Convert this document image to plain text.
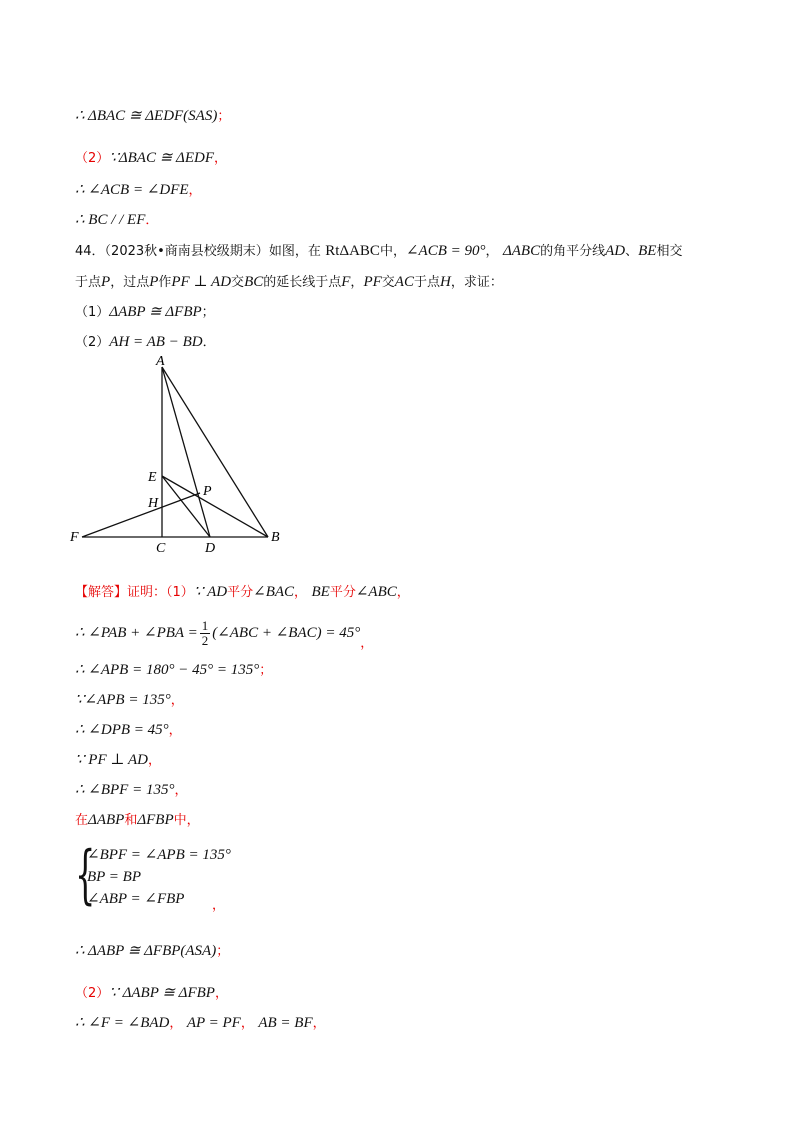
∴ ΔBAC ≅ ΔEDF(SAS)；
（2）∵ΔBAC ≅ ΔEDF，
∴ ∠ACB = ∠DFE，
∴ BC / / EF．
44．（2023秋•商南县校级期末）如图，在 RtΔABC中，∠ACB = 90°， ΔABC的角平分线AD、BE相交
于点P，过点P作PF ⊥ AD交BC的延长线于点F，PF交AC于点H，求证：
（1）ΔABP ≅ ΔFBP；
（2）AH = AB − BD．
A
E
H
P
F
C	D
B
【解答】证明：（1）∵ AD平分∠BAC， BE平分∠ABC，
∴ ∠PAB + ∠PBA = $\frac{1}{2}$ (∠ABC + ∠BAC) = 45°，
∴ ∠APB = 180° − 45° = 135°；
∵∠APB = 135°，
∴ ∠DPB = 45°，
∵ PF ⊥ AD，
∴ ∠BPF = 135°，
在ΔABP和ΔFBP中，
{
∠BPF = ∠APB = 135°
BP = BP
∠ABP = ∠FBP	，
∴ ΔABP ≅ ΔFBP(ASA)；
（2）∵ ΔABP ≅ ΔFBP，
∴ ∠F = ∠BAD， AP = PF， AB = BF，
